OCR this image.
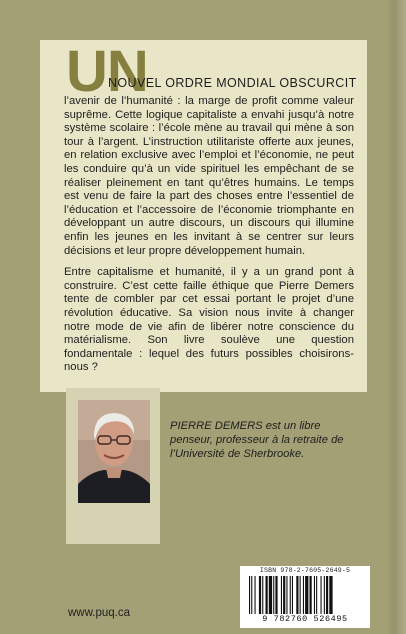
UN
NOUVEL ORDRE MONDIAL OBSCURCIT

l’avenir de l’humanité : la marge de profit comme valeur suprême. Cette logique capitaliste a envahi jusqu’à notre système scolaire : l’école mène au travail qui mène à son tour à l’argent. L’instruction utilitariste offerte aux jeunes, en relation exclusive avec l’emploi et l’économie, ne peut les conduire qu’à un vide spirituel les empêchant de se réaliser pleinement en tant qu’êtres humains. Le temps est venu de faire la part des choses entre l’essentiel de l’éducation et l’accessoire de l’économie triomphante en développant un autre discours, un discours qui illumine enfin les jeunes en les invitant à se centrer sur leurs décisions et leur propre développement humain.

Entre capitalisme et humanité, il y a un grand pont à construire. C’est cette faille éthique que Pierre Demers tente de combler par cet essai portant le projet d’une révolution éducative. Sa vision nous invite à changer notre mode de vie afin de libérer notre conscience du matérialisme. Son livre soulève une question fondamentale : lequel des futurs possibles choisirons-nous ?

PIERRE DEMERS est un libre penseur, professeur à la retraite de l’Université de Sherbrooke.
ISBN 978-2-7605-2649-5
9 782760 526495
www.puq.ca
